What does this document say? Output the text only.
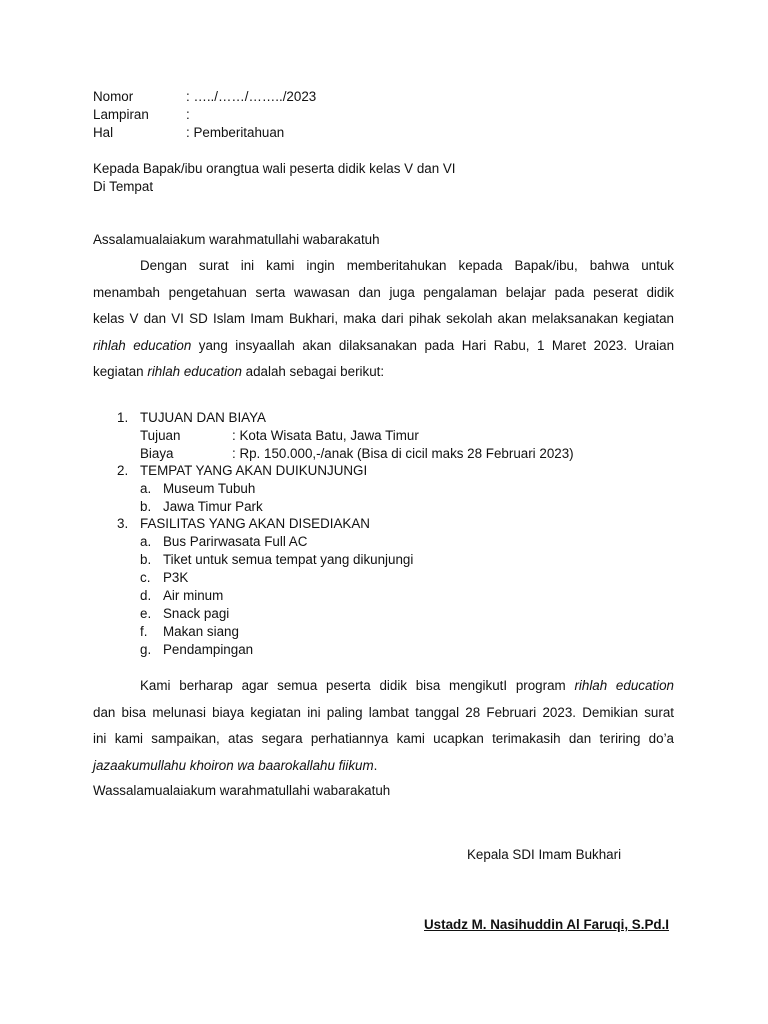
Nomor	: …../……/……../2023
Lampiran	:
Hal	: Pemberitahuan
Kepada Bapak/ibu orangtua wali peserta didik kelas V dan VI
Di Tempat
Assalamualaiakum warahmatullahi wabarakatuh
Dengan surat ini kami ingin memberitahukan kepada Bapak/ibu, bahwa untuk
menambah pengetahuan serta wawasan dan juga pengalaman belajar pada peserat didik
kelas V dan VI SD Islam Imam Bukhari, maka dari pihak sekolah akan melaksanakan kegiatan
rihlah education yang insyaallah akan dilaksanakan pada Hari Rabu, 1 Maret 2023. Uraian
kegiatan rihlah education adalah sebagai berikut:
1. TUJUAN DAN BIAYA
Tujuan	: Kota Wisata Batu, Jawa Timur
Biaya	: Rp. 150.000,-/anak (Bisa di cicil maks 28 Februari 2023)
2. TEMPAT YANG AKAN DUIKUNJUNGI
a. Museum Tubuh
b. Jawa Timur Park
3. FASILITAS YANG AKAN DISEDIAKAN
a. Bus Parirwasata Full AC
b. Tiket untuk semua tempat yang dikunjungi
c. P3K
d. Air minum
e. Snack pagi
f. Makan siang
g. Pendampingan
Kami berharap agar semua peserta didik bisa mengikutI program rihlah education
dan bisa melunasi biaya kegiatan ini paling lambat tanggal 28 Februari 2023. Demikian surat
ini kami sampaikan, atas segara perhatiannya kami ucapkan terimakasih dan teriring do’a
jazaakumullahu khoiron wa baarokallahu fiikum.
Wassalamualaiakum warahmatullahi wabarakatuh
Kepala SDI Imam Bukhari
Ustadz M. Nasihuddin Al Faruqi, S.Pd.I
